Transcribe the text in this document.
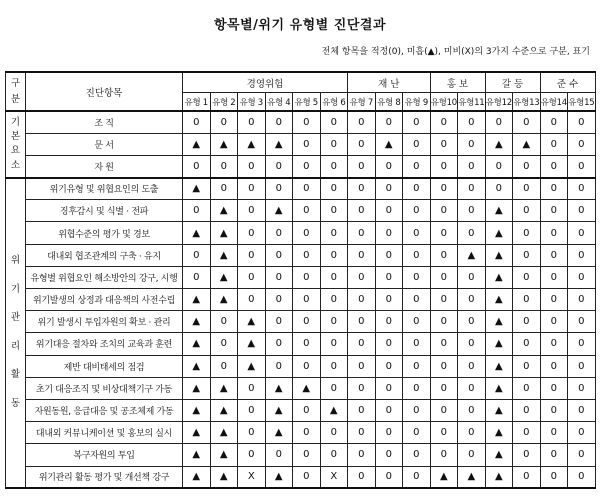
항목별/위기 유형별 진단결과
전체 항목을 적정(0), 미흡(▲), 미비(X)의 3가지 수준으로 구분, 표기
구분	진단항목	경영위험						재 난			홍 보		갈 등		준 수	
		유형 1	유형 2	유형 3	유형 4	유형 5	유형 6	유형 7	유형 8	유형 9	유형10	유형11	유형12	유형13	유형14	유형15

기본요소	조 직	0	0	0	0	0	0	0	0	0	0	0	0	0	0	0
	문 서	▲	▲	▲	▲	0	0	0	▲	0	0	0	▲	▲	0	0
	자 원	0	0	0	0	0	0	0	0	0	0	0	0	0	0	0

위기관리활동	위기유형 및 위협요인의 도출	▲	0	0	0	0	0	0	0	0	0	0	0	0	0	0
	징후감시 및 식별 · 전파	0	▲	0	▲	0	0	0	0	0	0	0	▲	0	0	0
	위협수준의 평가 및 경보	▲	▲	0	0	0	0	0	0	0	0	0	▲	0	0	0
	대내외 협조관계의 구축 · 유지	0	▲	0	0	0	0	0	0	0	0	▲	▲	0	0	0
	유형별 위협요인 해소방안의 강구, 시행	0	▲	0	0	0	0	0	0	0	0	0	▲	0	0	0
	위기발생의 상정과 대응책의 사전수립	▲	▲	0	0	0	0	0	0	0	0	0	▲	0	0	0
	위기 발생시 투입자원의 확보 · 관리	▲	0	▲	0	0	0	0	0	0	0	0	▲	0	0	0
	위기대응 절차와 조치의 교육과 훈련	▲	0	▲	0	0	0	0	0	0	0	0	▲	0	0	0
	제반 대비태세의 점검	▲	0	▲	0	0	0	0	0	0	0	0	▲	0	0	0
	초기 대응조직 및 비상대책기구 가동	▲	▲	0	▲	▲	0	0	0	0	0	0	▲	0	0	0
	자원동원, 응급대응 및 공조체제 가동	▲	▲	0	▲	0	▲	0	0	0	0	0	▲	0	0	0
	대내외 커뮤니케이션 및 홍보의 실시	▲	▲	0	▲	0	0	0	0	0	0	0	▲	0	0	0
	복구자원의 투입	▲	▲	0	0	0	0	0	0	0	0	0	▲	0	0	0
	위기관리 활동 평가 및 개선책 강구	▲	▲	X	▲	0	X	0	0	0	▲	▲	▲	0	0	0
